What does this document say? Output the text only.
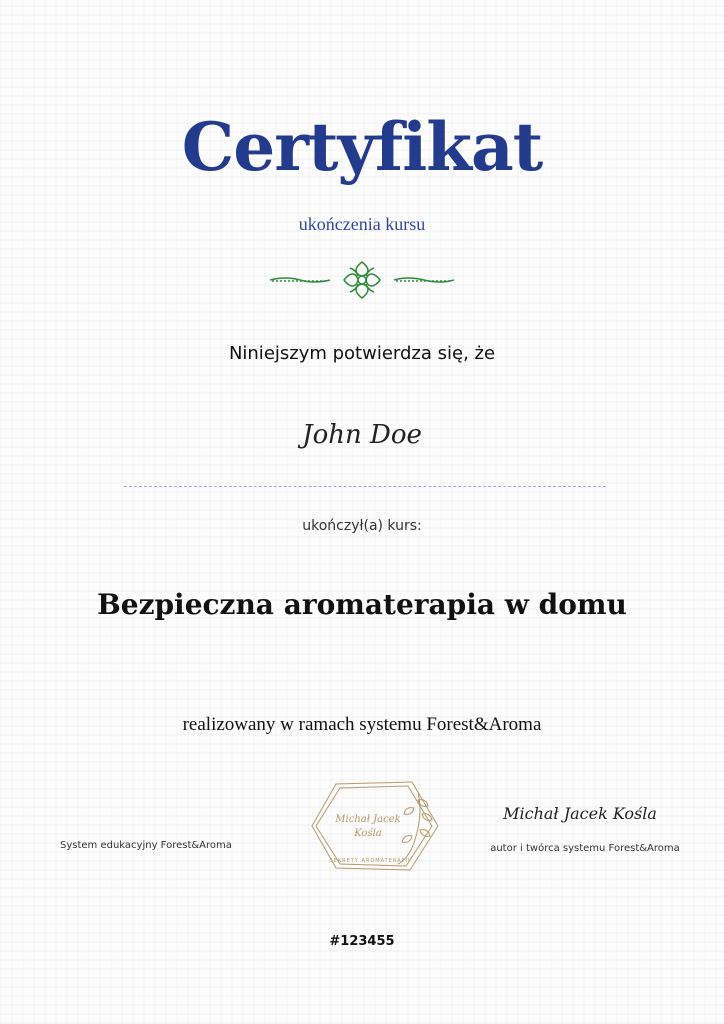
Certyfikat
ukończenia kursu
Niniejszym potwierdza się, że
John Doe
ukończył(a) kurs:
Bezpieczna aromaterapia w domu
realizowany w ramach systemu Forest&Aroma
System edukacyjny Forest&Aroma
Michał Jacek
Kośla
SEKRETY AROMATERAPII
Michał Jacek Kośla
autor i twórca systemu Forest&Aroma
#123455
